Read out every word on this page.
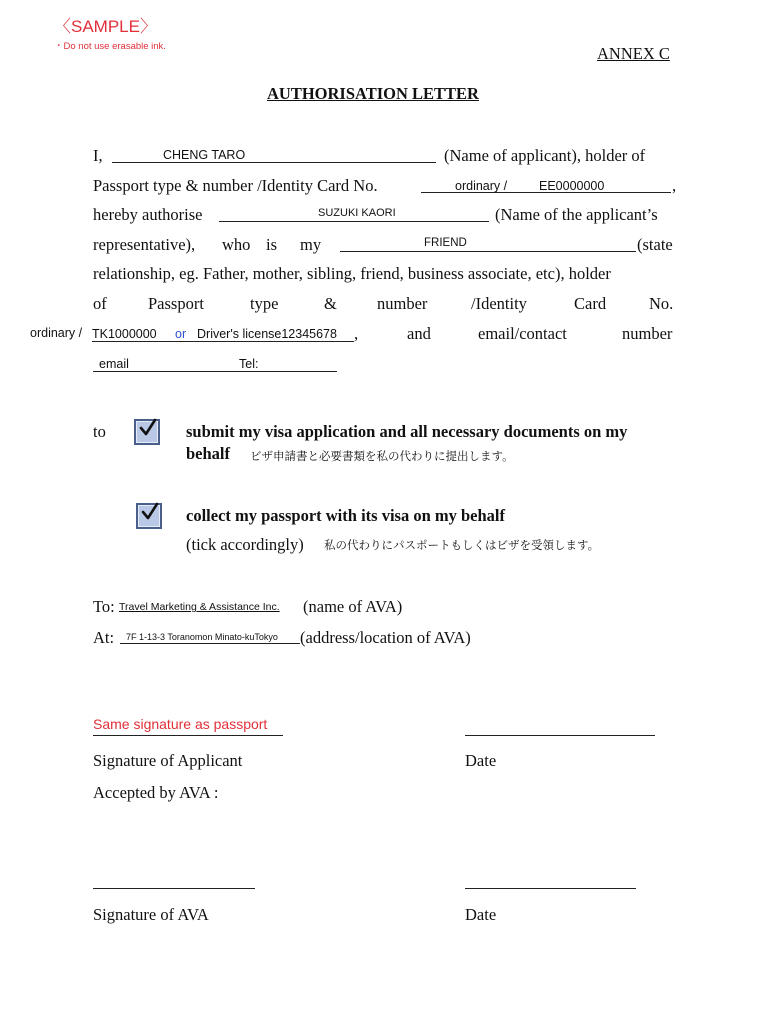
〈SAMPLE〉
・Do not use erasable ink.	ANNEX C
AUTHORISATION LETTER
I,	CHENG TARO	(Name of applicant), holder of
Passport type & number /Identity Card No.	ordinary /	EE0000000	,
hereby authorise	SUZUKI KAORI	(Name of the applicant’s
representative), who is my	FRIEND	(state
relationship, eg. Father, mother, sibling, friend, business associate, etc), holder
of	Passport	type	& number	/Identity	Card	No.
ordinary / TK1000000 or Driver's license12345678 ,	and	email/contact	number
email	Tel:
to	submit my visa application and all necessary documents on my
behalf ビザ申請書と必要書類を私の代わりに提出します。
collect my passport with its visa on my behalf
(tick accordingly) 私の代わりにパスポートもしくはビザを受領します。
To: Travel Marketing & Assistance Inc. (name of AVA)
At: 7F 1-13-3 Toranomon Minato-kuTokyo (address/location of AVA)
Same signature as passport
Signature of Applicant	Date
Accepted by AVA :
Signature of AVA	Date
